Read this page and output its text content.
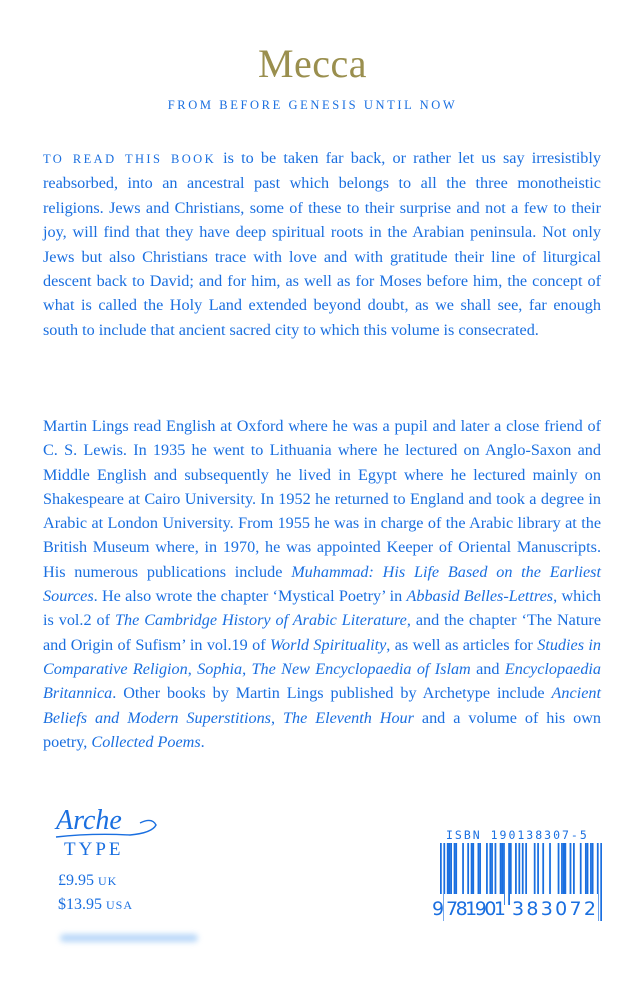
Mecca
FROM BEFORE GENESIS UNTIL NOW
TO READ THIS BOOK is to be taken far back, or rather let us say irresistibly reabsorbed, into an ancestral past which belongs to all the three monotheistic religions. Jews and Christians, some of these to their surprise and not a few to their joy, will find that they have deep spiritual roots in the Arabian peninsula. Not only Jews but also Christians trace with love and with gratitude their line of liturgical descent back to David; and for him, as well as for Moses before him, the concept of what is called the Holy Land extended beyond doubt, as we shall see, far enough south to include that ancient sacred city to which this volume is consecrated.
Martin Lings read English at Oxford where he was a pupil and later a close friend of C. S. Lewis. In 1935 he went to Lithuania where he lectured on Anglo-Saxon and Middle English and subsequently he lived in Egypt where he lectured mainly on Shakespeare at Cairo University. In 1952 he returned to England and took a degree in Arabic at London University. From 1955 he was in charge of the Arabic library at the British Museum where, in 1970, he was appointed Keeper of Oriental Manuscripts. His numerous publications include Muhammad: His Life Based on the Earliest Sources. He also wrote the chapter ‘Mystical Poetry’ in Abbasid Belles-Lettres, which is vol.2 of The Cambridge History of Arabic Literature, and the chapter ‘The Nature and Origin of Sufism’ in vol.19 of World Spirituality, as well as articles for Studies in Comparative Religion, Sophia, The New Encyclopaedia of Islam and Encyclopaedia Britannica. Other books by Martin Lings published by Archetype include Ancient Beliefs and Modern Superstitions, The Eleventh Hour and a volume of his own poetry, Collected Poems.
Arche
TYPE
£9.95 UK
$13.95 USA
ISBN 190138307-5
9 781901 383072
